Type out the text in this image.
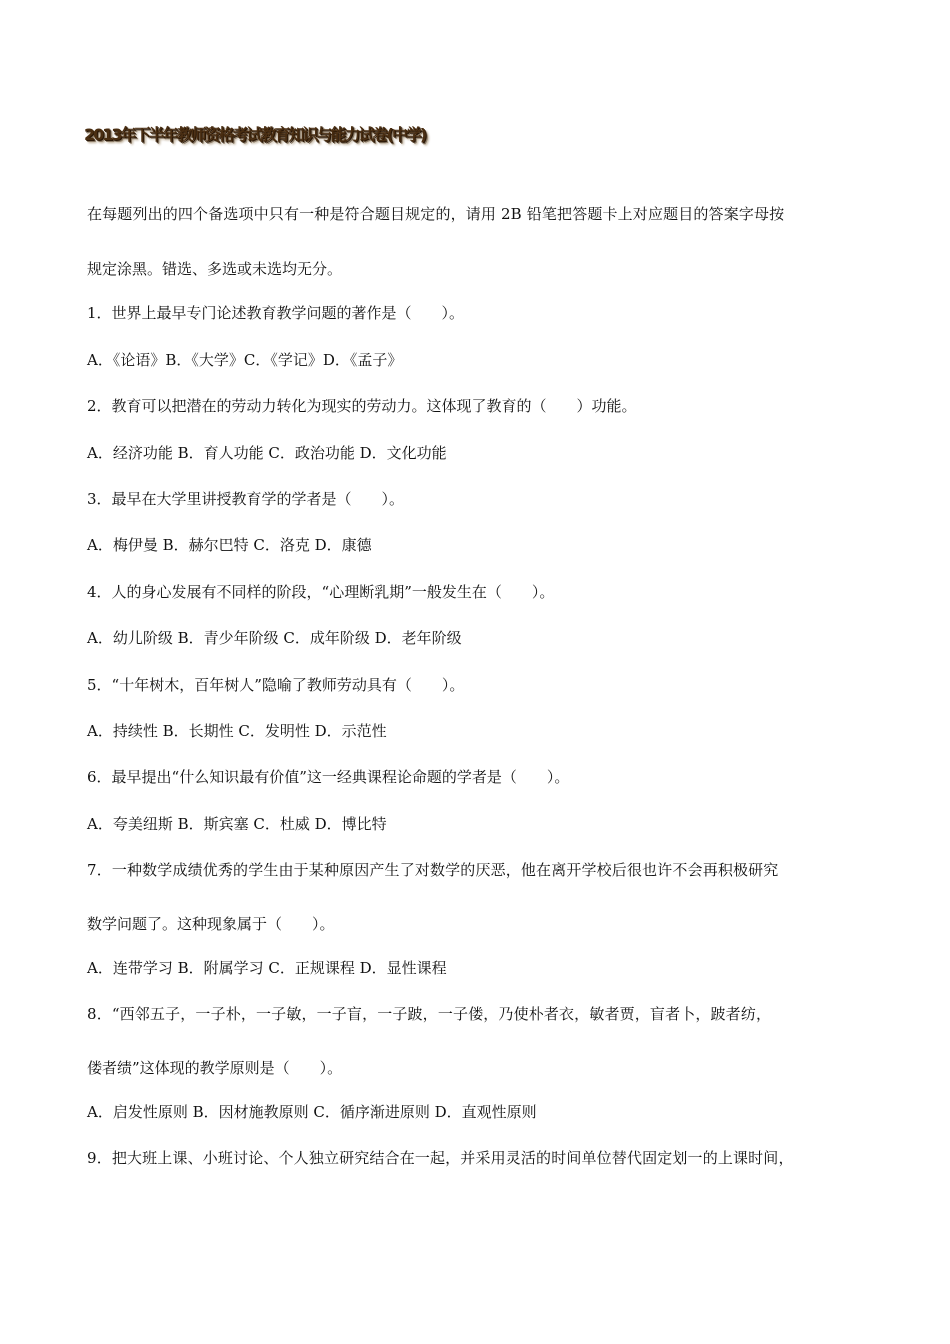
2013年下半年教师资格考试教育知识与能力试卷(中学)
在每题列出的四个备选项中只有一种是符合题目规定的，请用 2B 铅笔把答题卡上对应题目的答案字母按
规定涂黑。错选、多选或未选均无分。
1．世界上最早专门论述教育教学问题的著作是（　　）。
A．《论语》B．《大学》C．《学记》D．《孟子》
2．教育可以把潜在的劳动力转化为现实的劳动力。这体现了教育的（　　）功能。
A．经济功能 B．育人功能 C．政治功能 D．文化功能
3．最早在大学里讲授教育学的学者是（　　）。
A．梅伊曼 B．赫尔巴特 C．洛克 D．康德
4．人的身心发展有不同样的阶段，“心理断乳期”一般发生在（　　）。
A．幼儿阶级 B．青少年阶级 C．成年阶级 D．老年阶级
5．“十年树木，百年树人”隐喻了教师劳动具有（　　）。
A．持续性 B．长期性 C．发明性 D．示范性
6．最早提出“什么知识最有价值”这一经典课程论命题的学者是（　　）。
A．夸美纽斯 B．斯宾塞 C．杜威 D．博比特
7．一种数学成绩优秀的学生由于某种原因产生了对数学的厌恶，他在离开学校后很也许不会再积极研究
数学问题了。这种现象属于（　　）。
A．连带学习 B．附属学习 C．正规课程 D．显性课程
8．“西邻五子，一子朴，一子敏，一子盲，一子跛，一子偻，乃使朴者衣，敏者贾，盲者卜，跛者纺，
偻者绩”这体现的教学原则是（　　）。
A．启发性原则 B．因材施教原则 C．循序渐进原则 D．直观性原则
9．把大班上课、小班讨论、个人独立研究结合在一起，并采用灵活的时间单位替代固定划一的上课时间，
